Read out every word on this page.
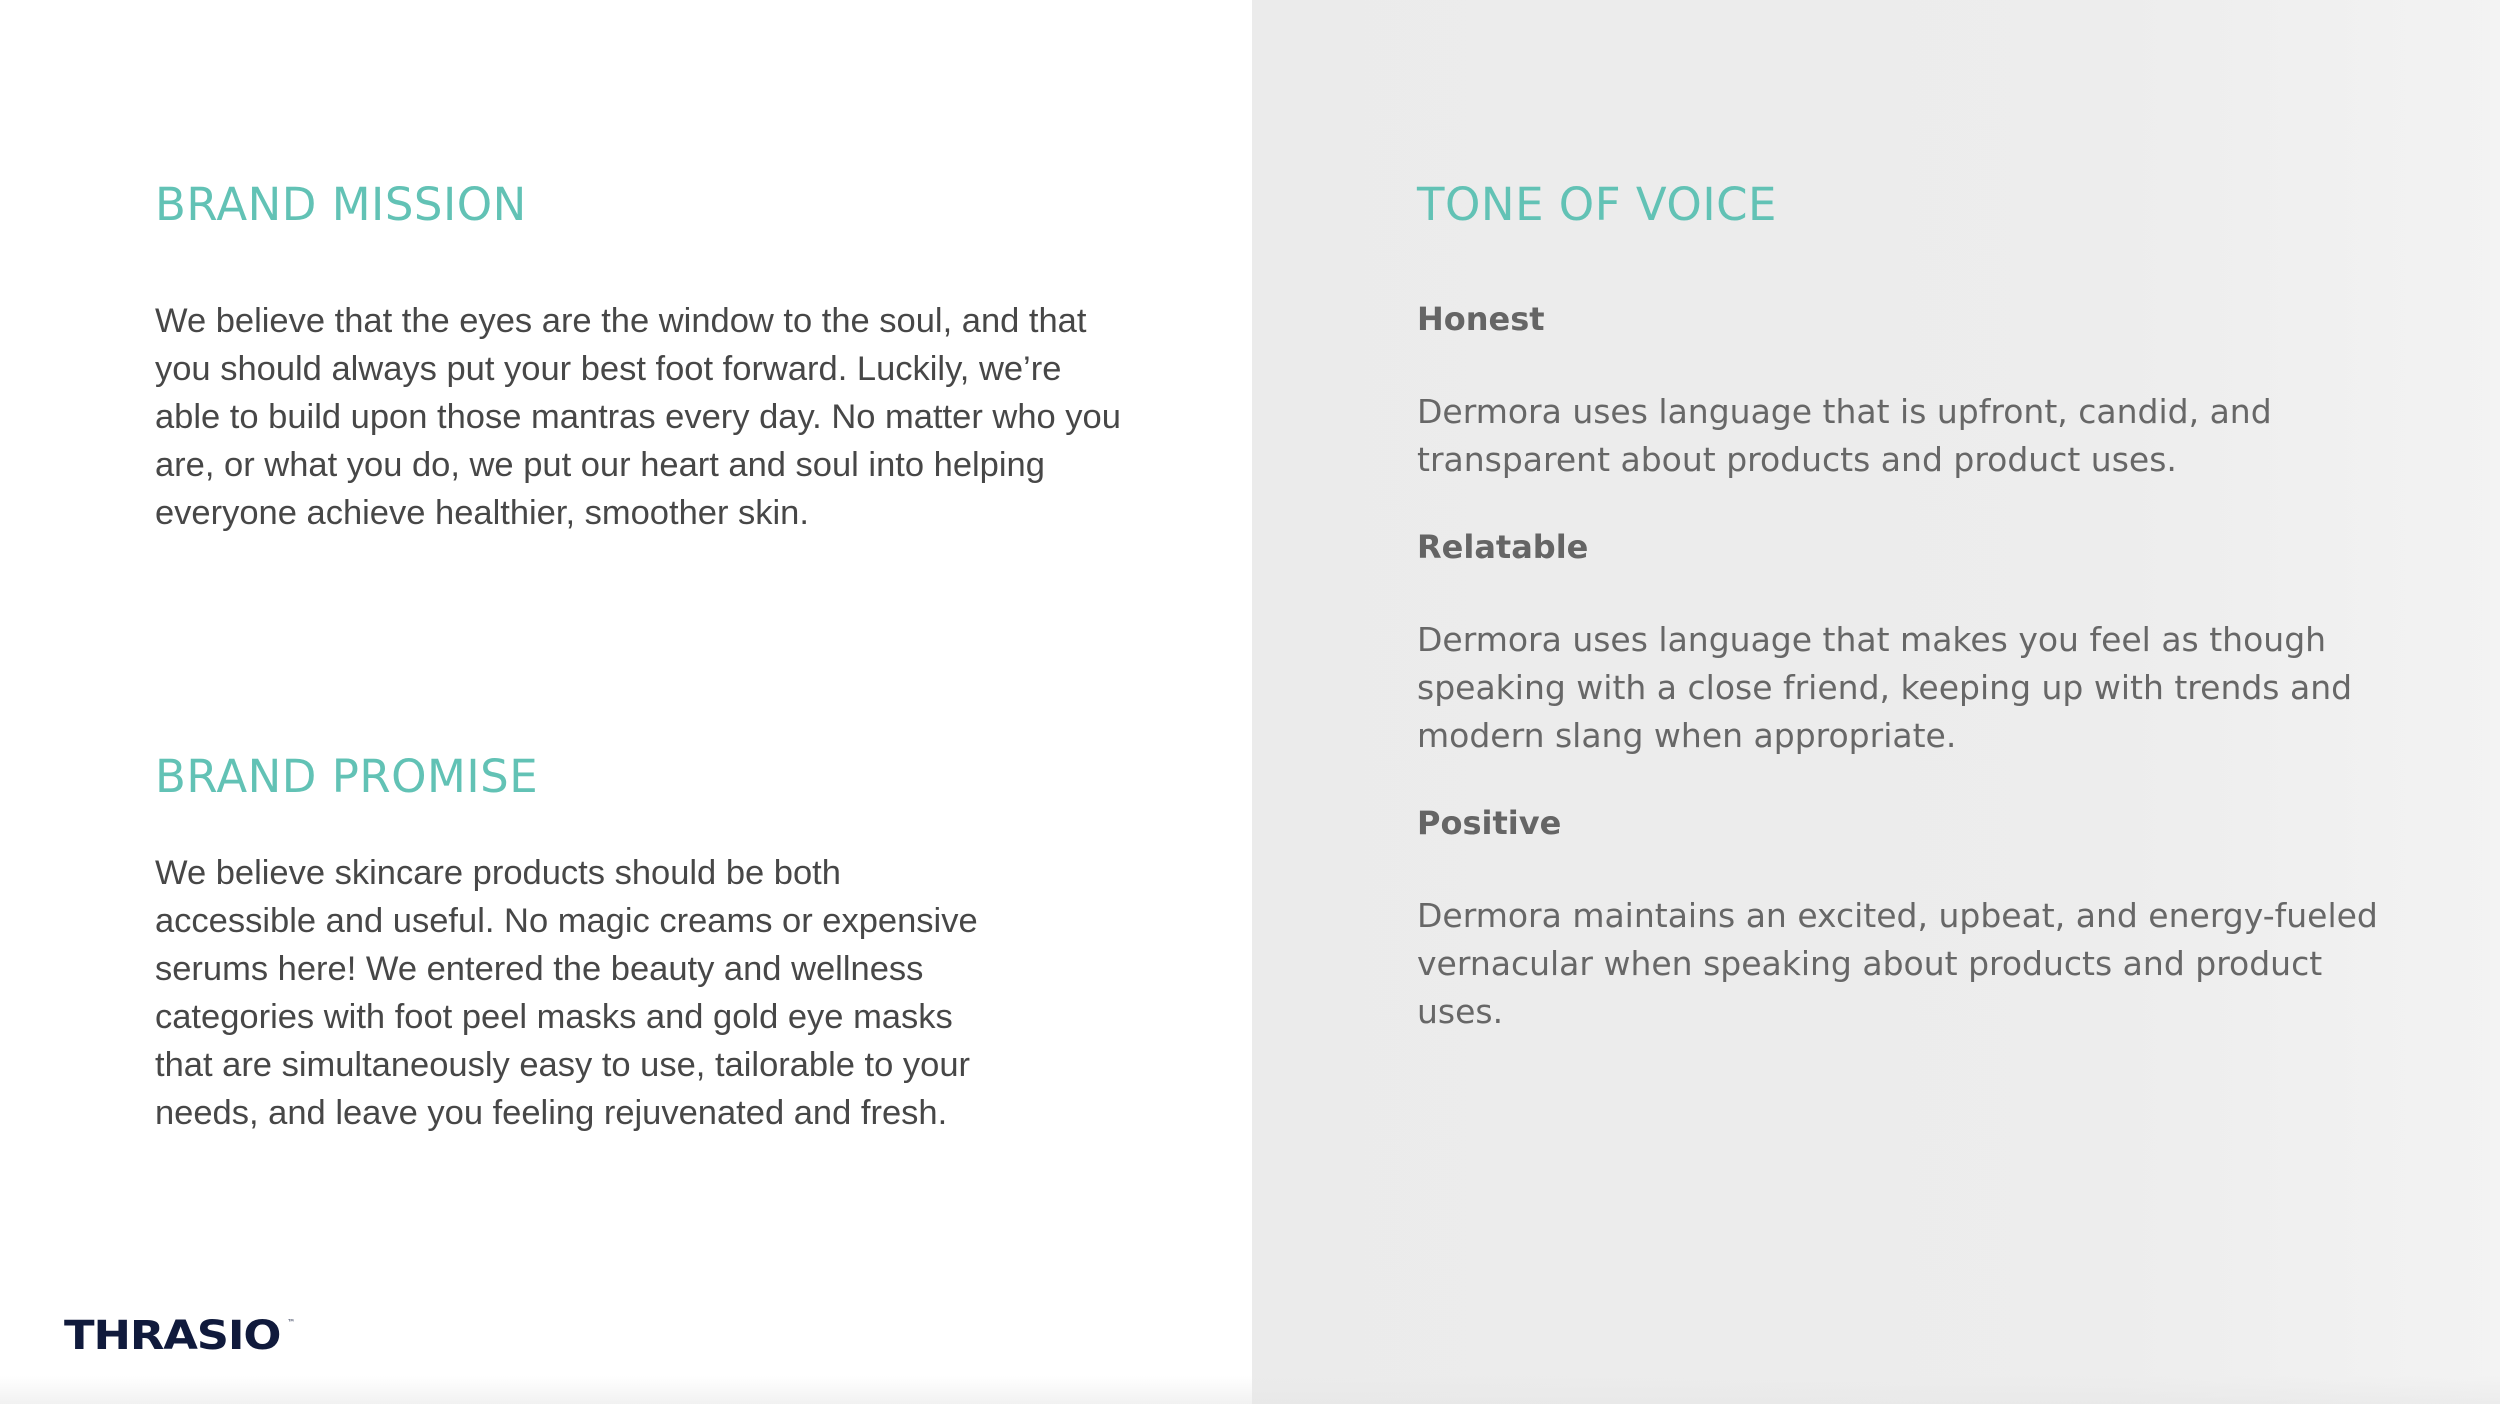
BRAND MISSION
We believe that the eyes are the window to the soul, and that
you should always put your best foot forward. Luckily, we’re
able to build upon those mantras every day. No matter who you
are, or what you do, we put our heart and soul into helping
everyone achieve healthier, smoother skin.
BRAND PROMISE
We believe skincare products should be both
accessible and useful. No magic creams or expensive
serums here! We entered the beauty and wellness
categories with foot peel masks and gold eye masks
that are simultaneously easy to use, tailorable to your
needs, and leave you feeling rejuvenated and fresh.
THRASIO ™
TONE OF VOICE
Honest
Dermora uses language that is upfront, candid, and
transparent about products and product uses.
Relatable
Dermora uses language that makes you feel as though
speaking with a close friend, keeping up with trends and
modern slang when appropriate.
Positive
Dermora maintains an excited, upbeat, and energy-fueled
vernacular when speaking about products and product
uses.
